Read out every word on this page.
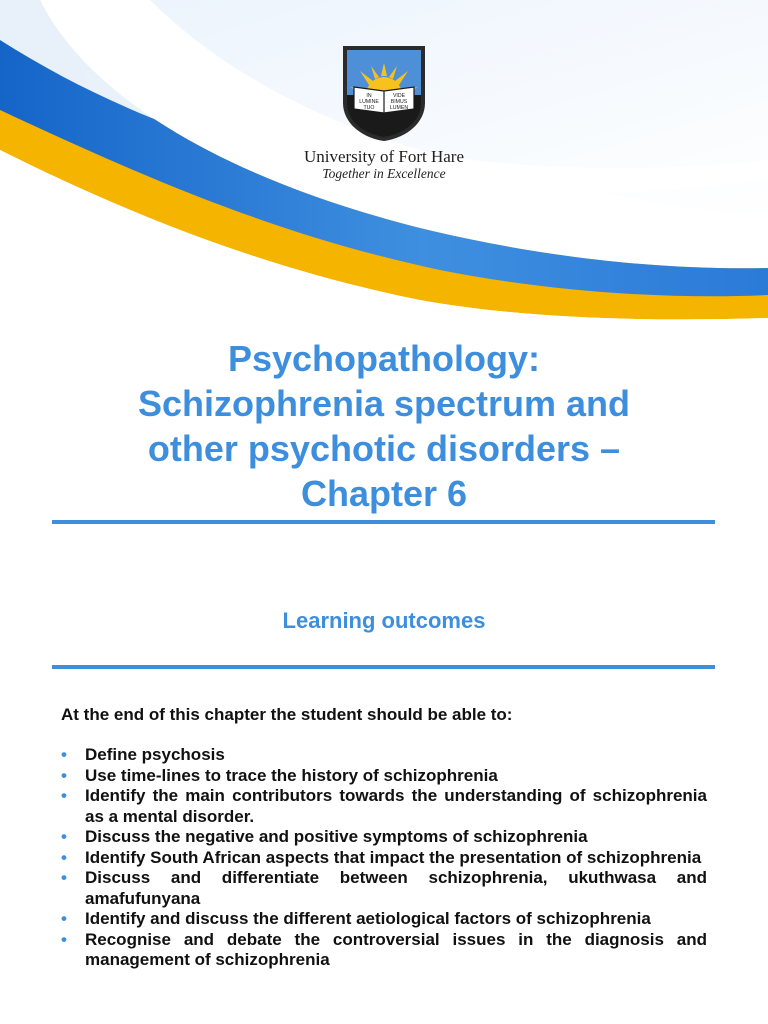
IN
LUMINE
TUO
VIDE
BIMUS
LUMEN
University of Fort Hare
Together in Excellence
Psychopathology:
Schizophrenia spectrum and
other psychotic disorders –
Chapter 6
Learning outcomes
At the end of this chapter the student should be able to:
• Define psychosis
• Use time-lines to trace the history of schizophrenia
• Identify the main contributors towards the understanding of schizophrenia as a mental disorder.
• Discuss the negative and positive symptoms of schizophrenia
• Identify South African aspects that impact the presentation of schizophrenia
• Discuss and differentiate between schizophrenia, ukuthwasa and amafufunyana
• Identify and discuss the different aetiological factors of schizophrenia
• Recognise and debate the controversial issues in the diagnosis and management of schizophrenia
